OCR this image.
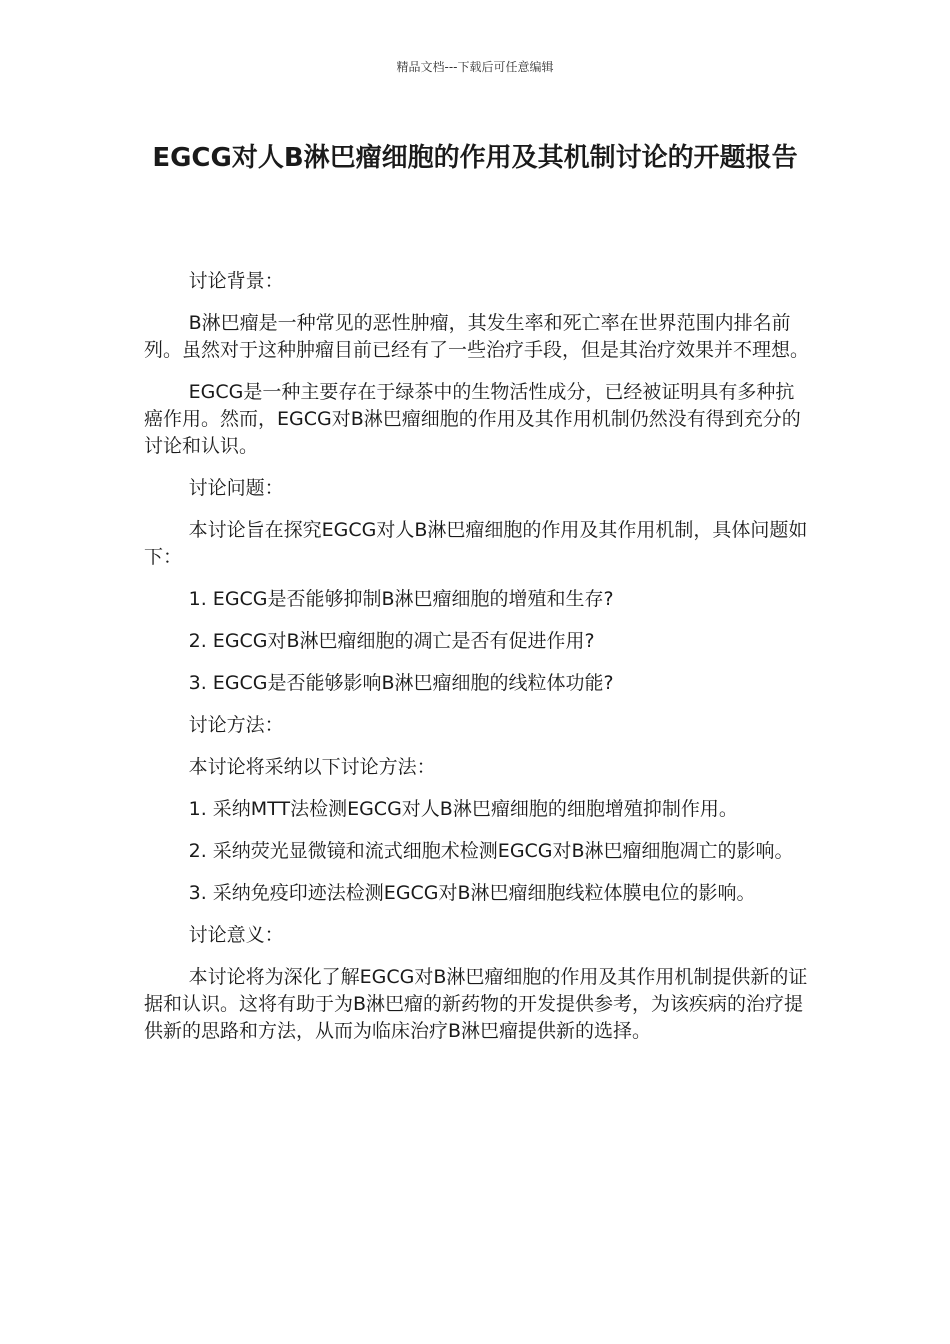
精品文档---下载后可任意编辑
EGCG对人B淋巴瘤细胞的作用及其机制讨论的开题报告

讨论背景：

B淋巴瘤是一种常见的恶性肿瘤，其发生率和死亡率在世界范围内排名前列。虽然对于这种肿瘤目前已经有了一些治疗手段，但是其治疗效果并不理想。

EGCG是一种主要存在于绿茶中的生物活性成分，已经被证明具有多种抗癌作用。然而，EGCG对B淋巴瘤细胞的作用及其作用机制仍然没有得到充分的讨论和认识。

讨论问题：

本讨论旨在探究EGCG对人B淋巴瘤细胞的作用及其作用机制，具体问题如下：

1. EGCG是否能够抑制B淋巴瘤细胞的增殖和生存?

2. EGCG对B淋巴瘤细胞的凋亡是否有促进作用?

3. EGCG是否能够影响B淋巴瘤细胞的线粒体功能?

讨论方法：

本讨论将采纳以下讨论方法：

1. 采纳MTT法检测EGCG对人B淋巴瘤细胞的细胞增殖抑制作用。

2. 采纳荧光显微镜和流式细胞术检测EGCG对B淋巴瘤细胞凋亡的影响。

3. 采纳免疫印迹法检测EGCG对B淋巴瘤细胞线粒体膜电位的影响。

讨论意义：

本讨论将为深化了解EGCG对B淋巴瘤细胞的作用及其作用机制提供新的证据和认识。这将有助于为B淋巴瘤的新药物的开发提供参考，为该疾病的治疗提供新的思路和方法，从而为临床治疗B淋巴瘤提供新的选择。
